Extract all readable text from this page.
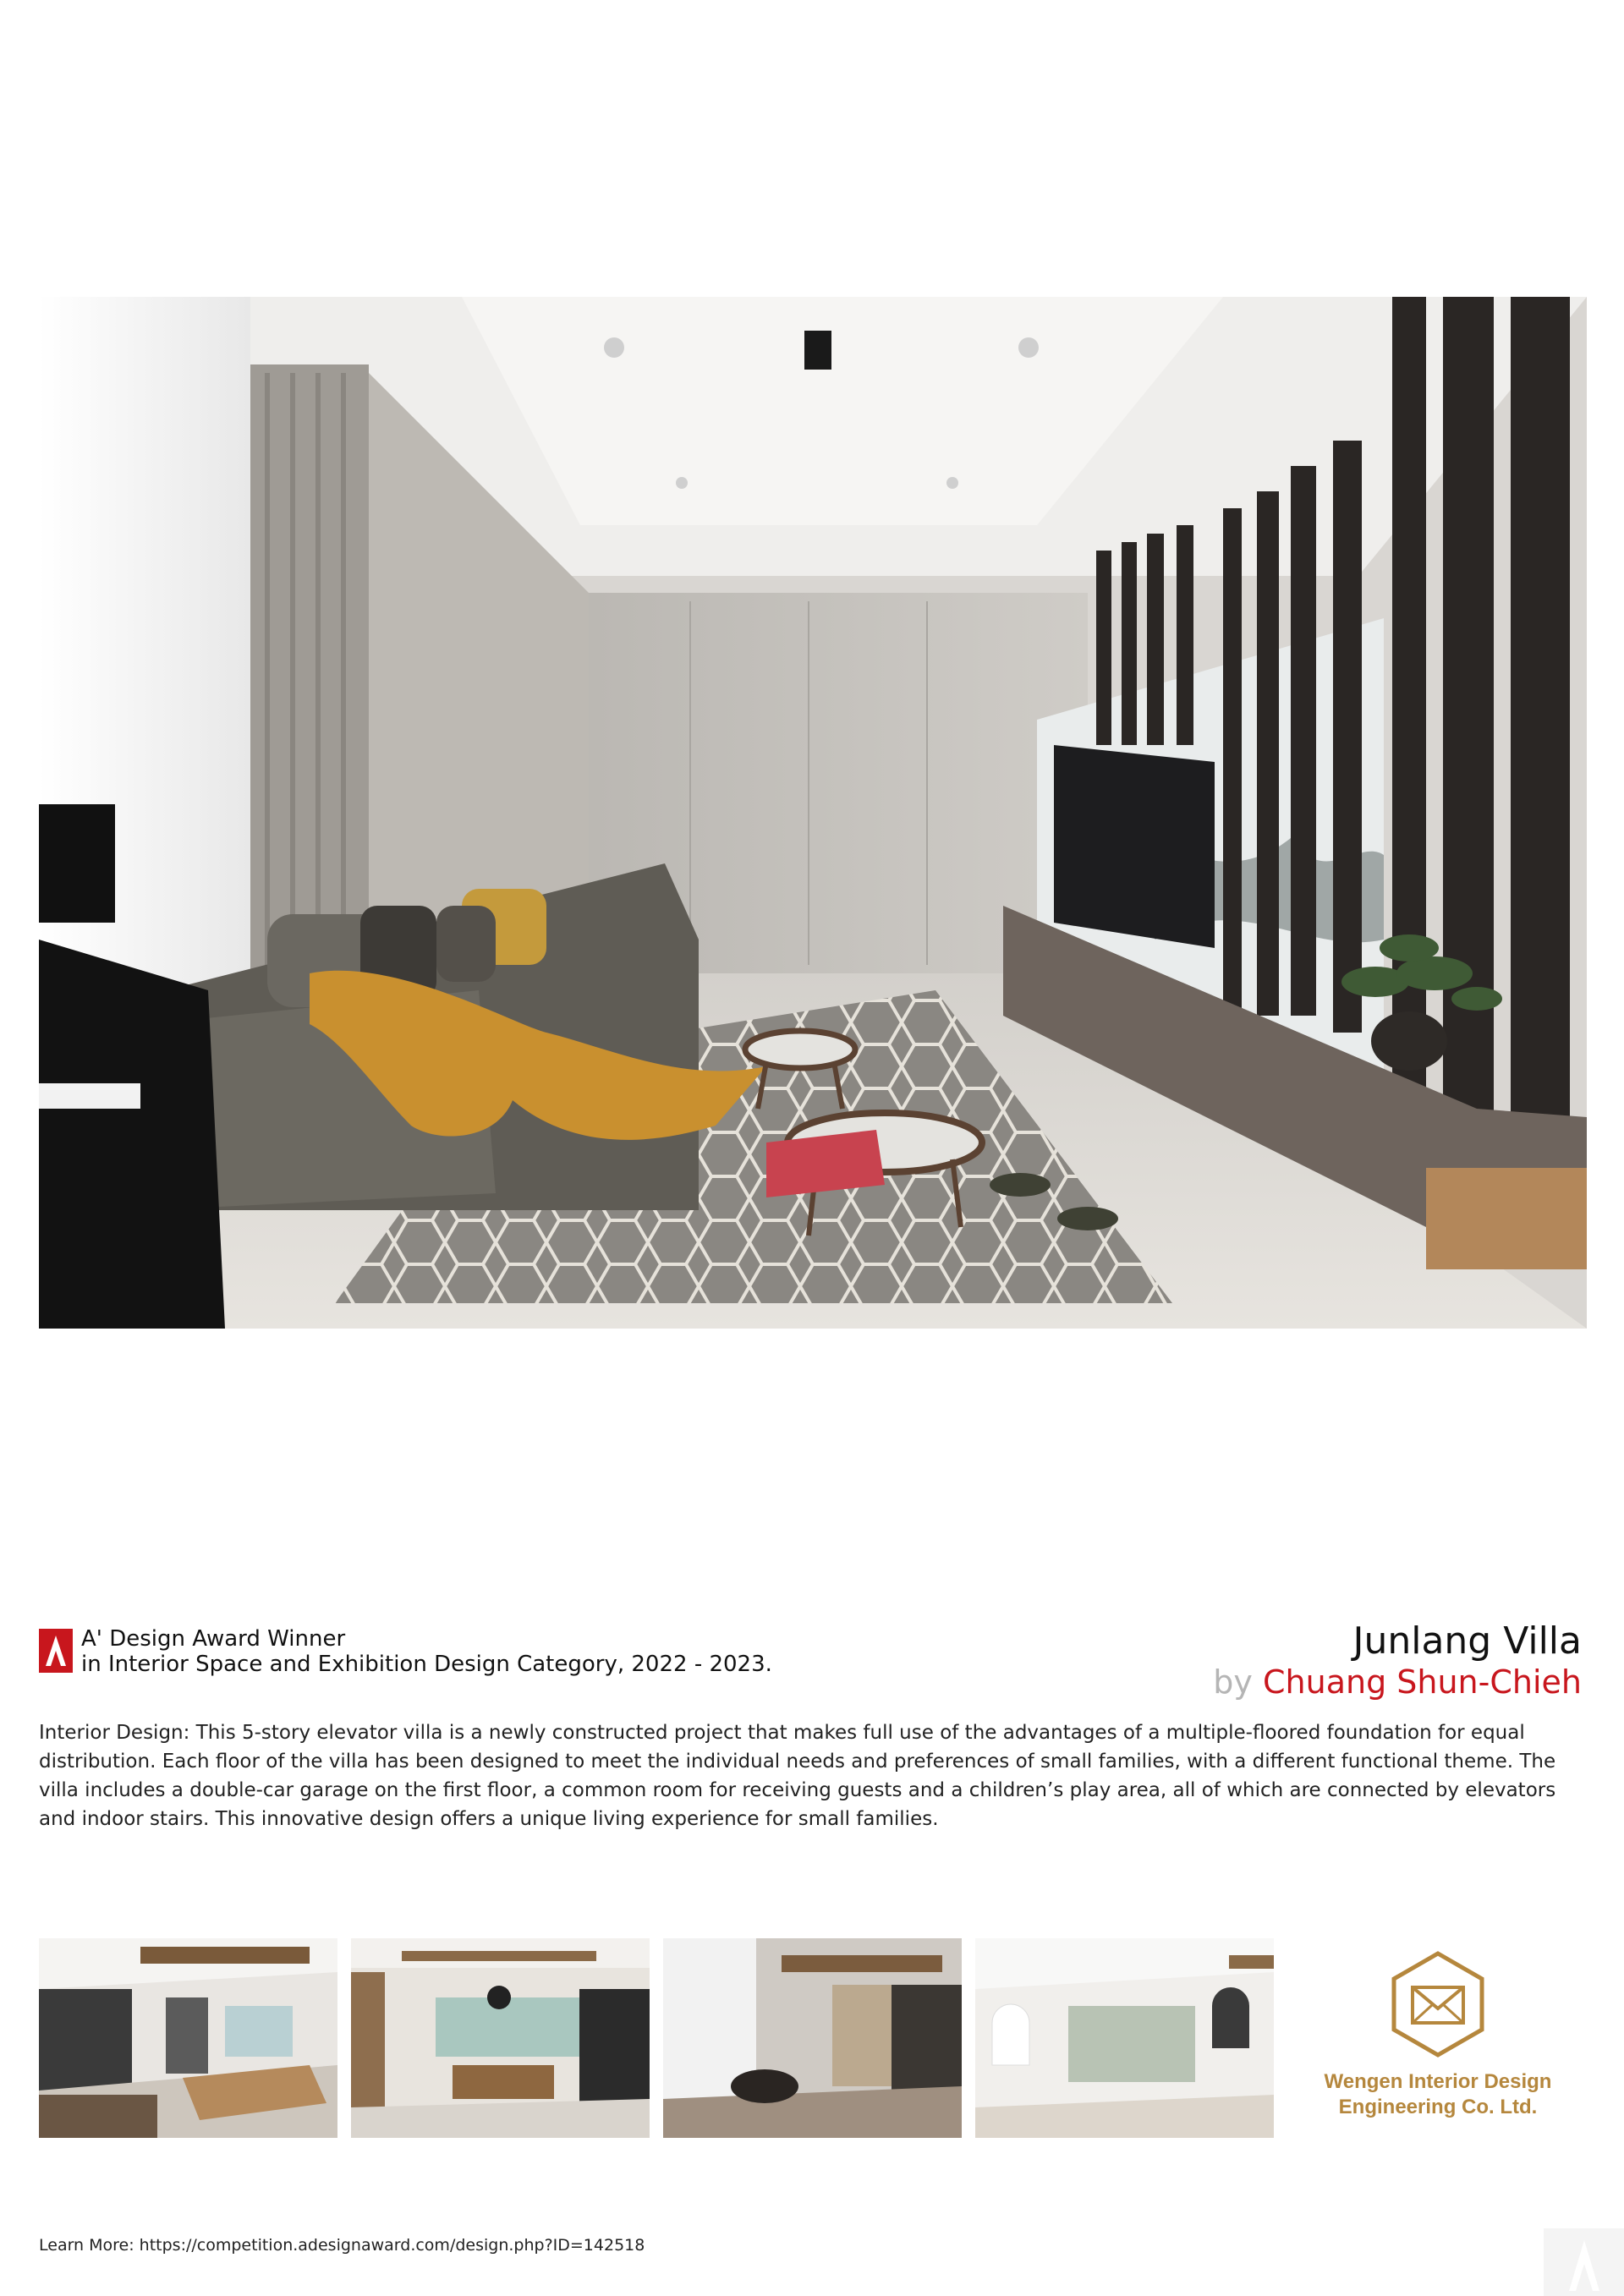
A' Design Award Winner
in Interior Space and Exhibition Design Category, 2022 - 2023.
Junlang Villa
by Chuang Shun-Chieh

Interior Design: This 5-story elevator villa is a newly constructed project that makes full use of the advantages of a multiple-floored foundation for equal distribution. Each floor of the villa has been designed to meet the individual needs and preferences of small families, with a different functional theme. The villa includes a double-car garage on the first floor, a common room for receiving guests and a children’s play area, all of which are connected by elevators and indoor stairs. This innovative design offers a unique living experience for small families.

Wengen Interior Design
Engineering Co. Ltd.
Learn More: https://competition.adesignaward.com/design.php?ID=142518
